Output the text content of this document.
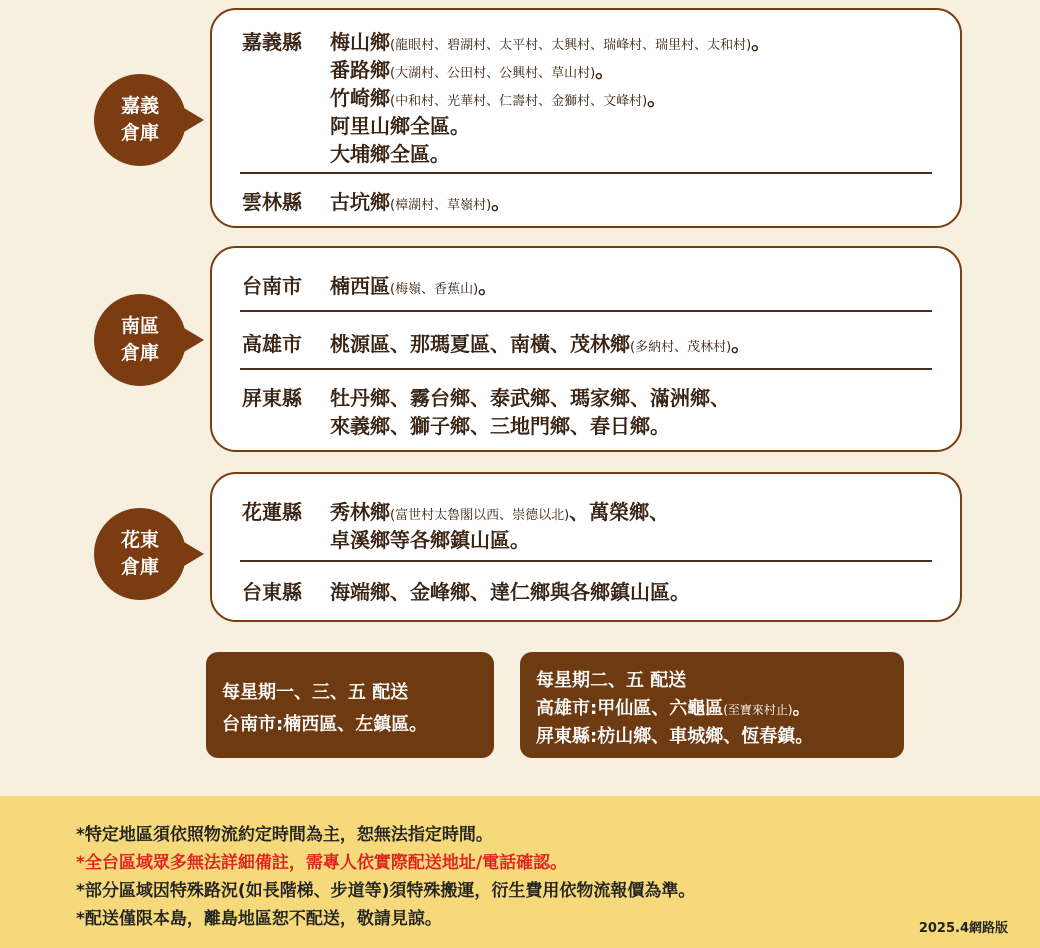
嘉義
倉庫
南區
倉庫
花東
倉庫
嘉義縣 梅山鄉(龍眼村、碧湖村、太平村、太興村、瑞峰村、瑞里村、太和村)。
番路鄉(大湖村、公田村、公興村、草山村)。
竹崎鄉(中和村、光華村、仁壽村、金獅村、文峰村)。
阿里山鄉全區。
大埔鄉全區。
雲林縣 古坑鄉(樟湖村、草嶺村)。
台南市 楠西區(梅嶺、香蕉山)。
高雄市 桃源區、那瑪夏區、南橫、茂林鄉(多納村、茂林村)。
屏東縣 牡丹鄉、霧台鄉、泰武鄉、瑪家鄉、滿洲鄉、
來義鄉、獅子鄉、三地門鄉、春日鄉。
花蓮縣 秀林鄉(富世村太魯閣以西、崇德以北)、萬榮鄉、
卓溪鄉等各鄉鎮山區。
台東縣 海端鄉、金峰鄉、達仁鄉與各鄉鎮山區。
每星期一、三、五 配送
台南市:楠西區、左鎮區。
每星期二、五 配送
高雄市:甲仙區、六龜區(至寶來村止)。
屏東縣:枋山鄉、車城鄉、恆春鎮。
*特定地區須依照物流約定時間為主，恕無法指定時間。
*全台區域眾多無法詳細備註，需專人依實際配送地址/電話確認。
*部分區域因特殊路況(如長階梯、步道等)須特殊搬運，衍生費用依物流報價為準。
*配送僅限本島，離島地區恕不配送，敬請見諒。	2025.4網路版
